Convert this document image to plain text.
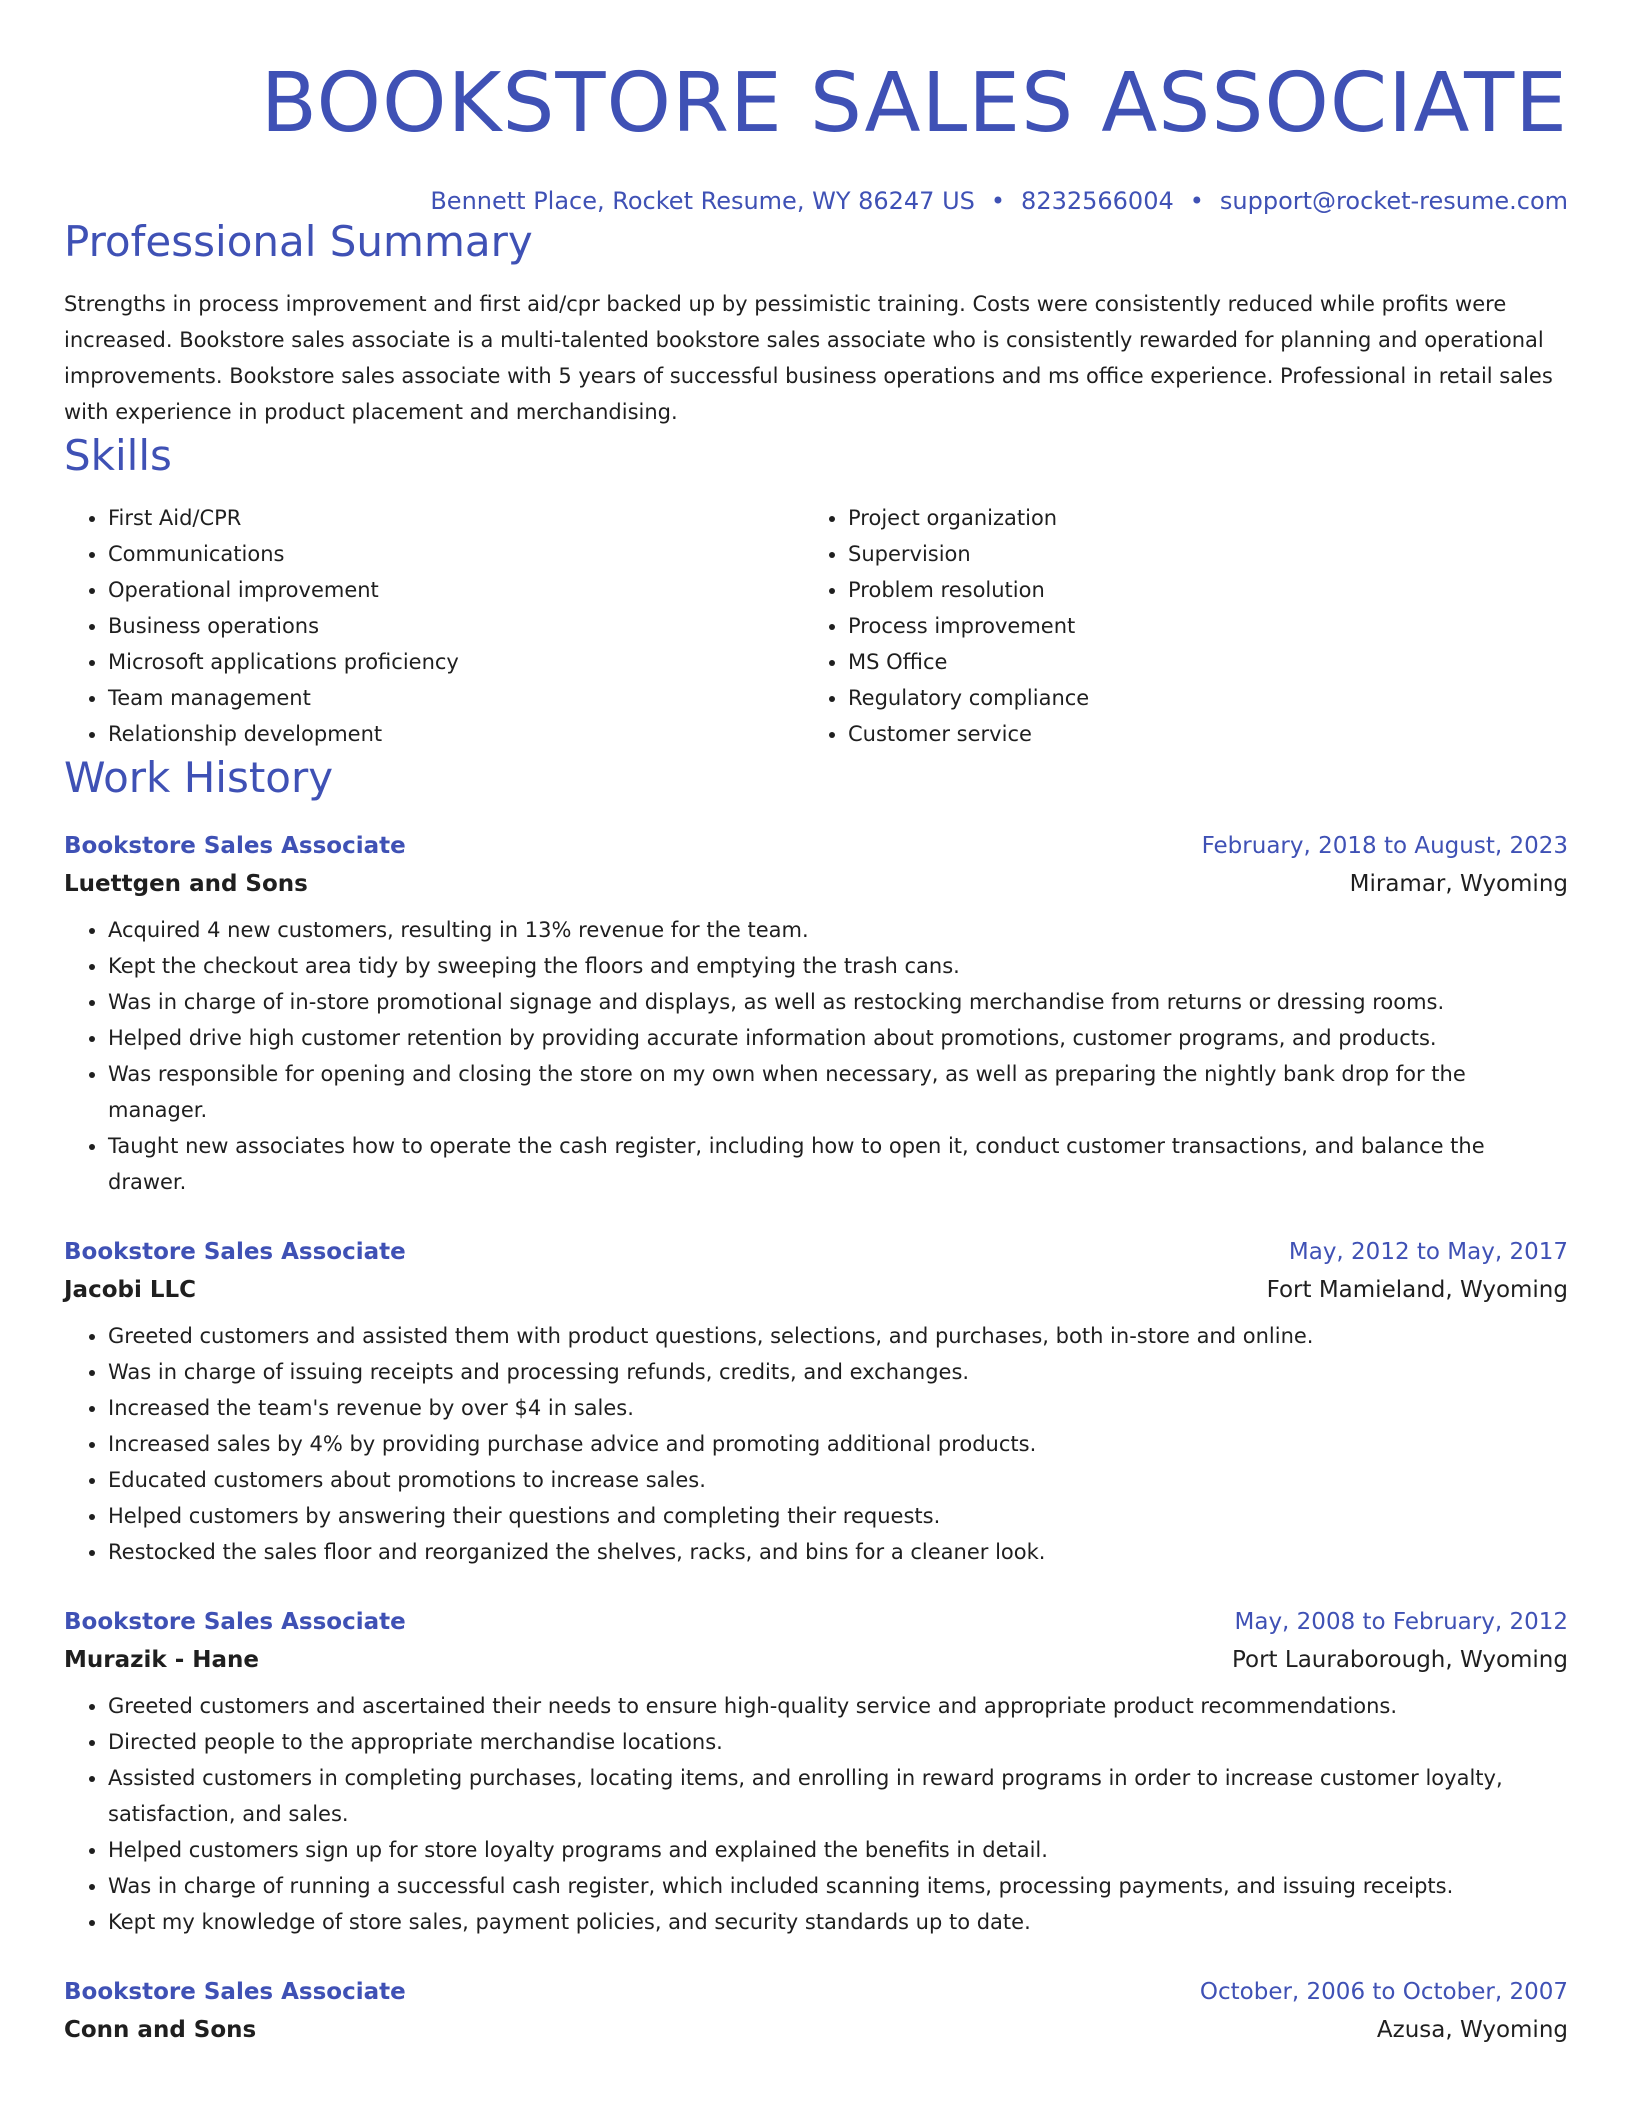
BOOKSTORE SALES ASSOCIATE
Bennett Place, Rocket Resume, WY 86247 US • 8232566004 • support@rocket-resume.com
Professional Summary

Strengths in process improvement and first aid/cpr backed up by pessimistic training. Costs were consistently reduced while profits were increased. Bookstore sales associate is a multi-talented bookstore sales associate who is consistently rewarded for planning and operational improvements. Bookstore sales associate with 5 years of successful business operations and ms office experience. Professional in retail sales with experience in product placement and merchandising.

Skills
• First Aid/CPR
• Communications
• Operational improvement
• Business operations
• Microsoft applications proficiency
• Team management
• Relationship development
• Project organization
• Supervision
• Problem resolution
• Process improvement
• MS Office
• Regulatory compliance
• Customer service
Work History
Bookstore Sales Associate	February, 2018 to August, 2023
Luettgen and Sons	Miramar, Wyoming
• Acquired 4 new customers, resulting in 13% revenue for the team.
• Kept the checkout area tidy by sweeping the floors and emptying the trash cans.
• Was in charge of in-store promotional signage and displays, as well as restocking merchandise from returns or dressing rooms.
• Helped drive high customer retention by providing accurate information about promotions, customer programs, and products.
• Was responsible for opening and closing the store on my own when necessary, as well as preparing the nightly bank drop for the manager.
• Taught new associates how to operate the cash register, including how to open it, conduct customer transactions, and balance the drawer.
Bookstore Sales Associate	May, 2012 to May, 2017
Jacobi LLC	Fort Mamieland, Wyoming
• Greeted customers and assisted them with product questions, selections, and purchases, both in-store and online.
• Was in charge of issuing receipts and processing refunds, credits, and exchanges.
• Increased the team's revenue by over $4 in sales.
• Increased sales by 4% by providing purchase advice and promoting additional products.
• Educated customers about promotions to increase sales.
• Helped customers by answering their questions and completing their requests.
• Restocked the sales floor and reorganized the shelves, racks, and bins for a cleaner look.
Bookstore Sales Associate	May, 2008 to February, 2012
Murazik - Hane	Port Lauraborough, Wyoming
• Greeted customers and ascertained their needs to ensure high-quality service and appropriate product recommendations.
• Directed people to the appropriate merchandise locations.
• Assisted customers in completing purchases, locating items, and enrolling in reward programs in order to increase customer loyalty, satisfaction, and sales.
• Helped customers sign up for store loyalty programs and explained the benefits in detail.
• Was in charge of running a successful cash register, which included scanning items, processing payments, and issuing receipts.
• Kept my knowledge of store sales, payment policies, and security standards up to date.
Bookstore Sales Associate	October, 2006 to October, 2007
Conn and Sons	Azusa, Wyoming
